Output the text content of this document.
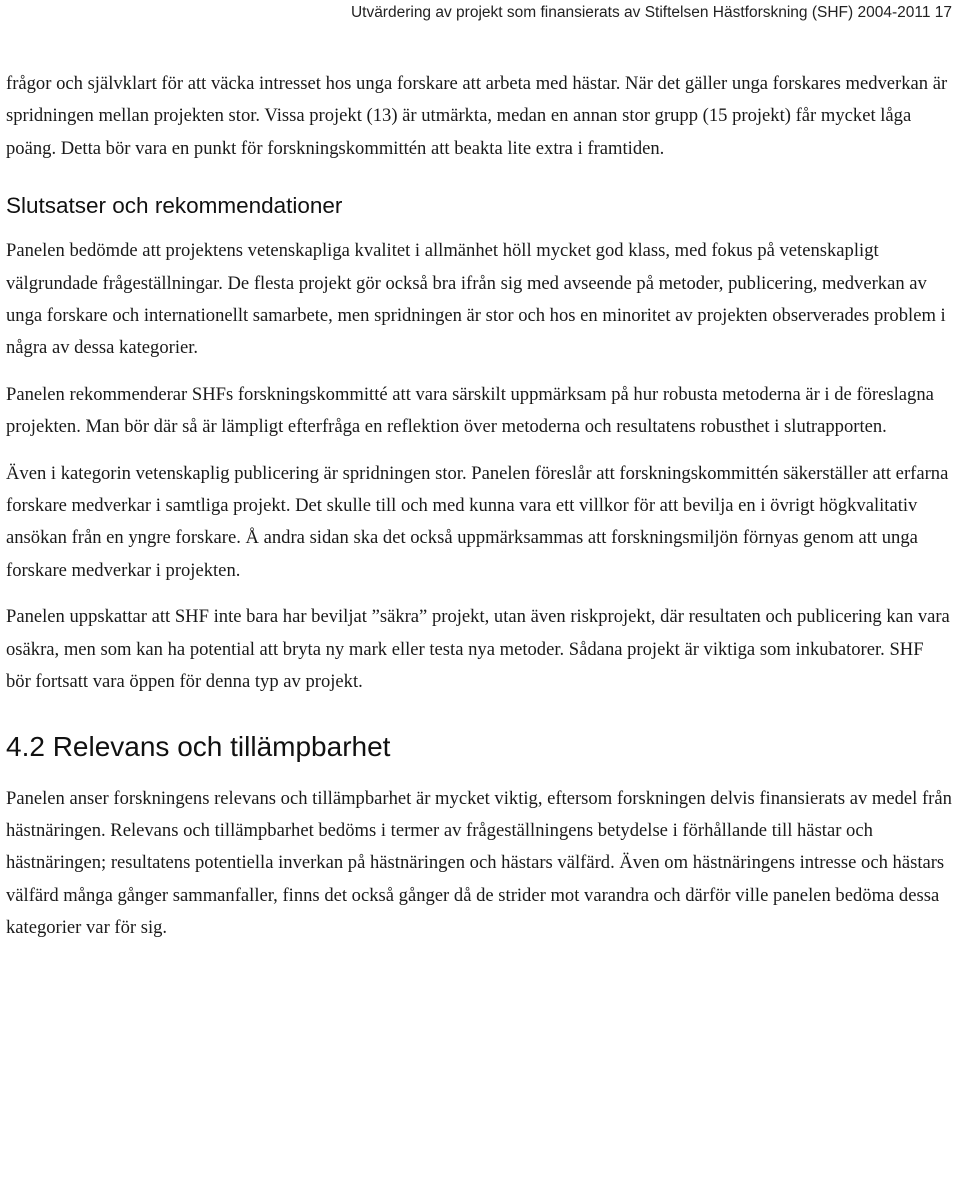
Utvärdering av projekt som finansierats av Stiftelsen Hästforskning (SHF) 2004-2011 17

frågor och självklart för att väcka intresset hos unga forskare att arbeta med hästar. När det gäller unga forskares medverkan är spridningen mellan projekten stor. Vissa projekt (13) är utmärkta, medan en annan stor grupp (15 projekt) får mycket låga poäng. Detta bör vara en punkt för forskningskommittén att beakta lite extra i framtiden.

Slutsatser och rekommendationer

Panelen bedömde att projektens vetenskapliga kvalitet i allmänhet höll mycket god klass, med fokus på vetenskapligt välgrundade frågeställningar. De flesta projekt gör också bra ifrån sig med avseende på metoder, publicering, medverkan av unga forskare och internationellt samarbete, men spridningen är stor och hos en minoritet av projekten observerades problem i några av dessa kategorier.

Panelen rekommenderar SHFs forskningskommitté att vara särskilt uppmärksam på hur robusta metoderna är i de föreslagna projekten. Man bör där så är lämpligt efterfråga en reflektion över metoderna och resultatens robusthet i slutrapporten.

Även i kategorin vetenskaplig publicering är spridningen stor. Panelen föreslår att forskningskommittén säkerställer att erfarna forskare medverkar i samtliga projekt. Det skulle till och med kunna vara ett villkor för att bevilja en i övrigt högkvalitativ ansökan från en yngre forskare. Å andra sidan ska det också uppmärksammas att forskningsmiljön förnyas genom att unga forskare medverkar i projekten.

Panelen uppskattar att SHF inte bara har beviljat ”säkra” projekt, utan även riskprojekt, där resultaten och publicering kan vara osäkra, men som kan ha potential att bryta ny mark eller testa nya metoder. Sådana projekt är viktiga som inkubatorer. SHF bör fortsatt vara öppen för denna typ av projekt.

4.2 Relevans och tillämpbarhet

Panelen anser forskningens relevans och tillämpbarhet är mycket viktig, eftersom forskningen delvis finansierats av medel från hästnäringen. Relevans och tillämpbarhet bedöms i termer av frågeställningens betydelse i förhållande till hästar och hästnäringen; resultatens potentiella inverkan på hästnäringen och hästars välfärd. Även om hästnäringens intresse och hästars välfärd många gånger sammanfaller, finns det också gånger då de strider mot varandra och därför ville panelen bedöma dessa kategorier var för sig.
